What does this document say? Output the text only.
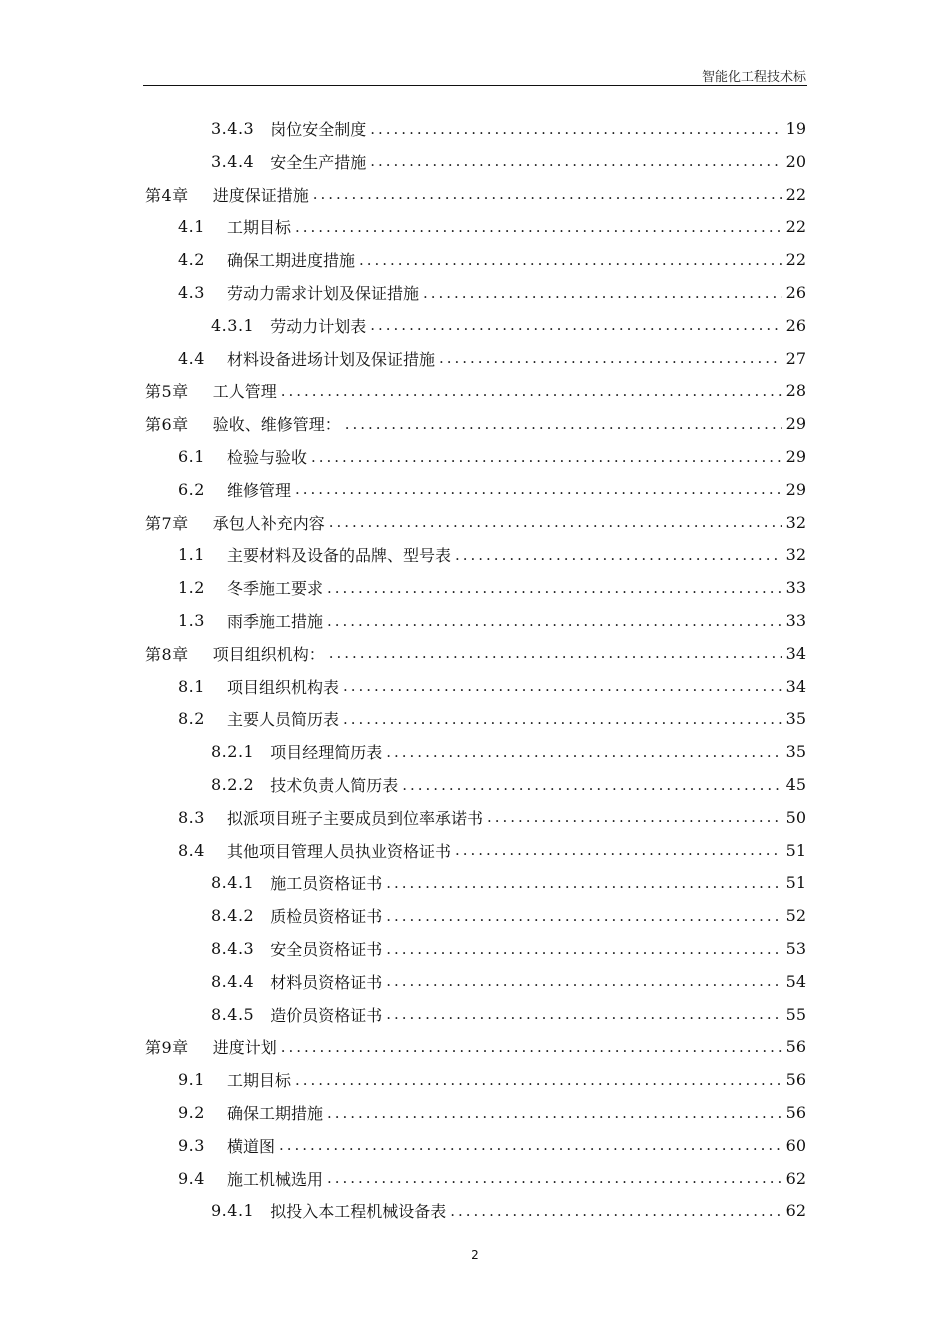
智能化工程技术标
3.4.3 岗位安全制度 .....	19
3.4.4 安全生产措施 .....	20
第4章 进度保证措施 .....	22
4.1 工期目标 .....	22
4.2 确保工期进度措施 .....	22
4.3 劳动力需求计划及保证措施 .....	26
4.3.1 劳动力计划表 .....	26
4.4 材料设备进场计划及保证措施 .....	27
第5章 工人管理 .....	28
第6章 验收、维修管理： .....	29
6.1 检验与验收 .....	29
6.2 维修管理 .....	29
第7章 承包人补充内容 .....	32
1.1 主要材料及设备的品牌、型号表 .....	32
1.2 冬季施工要求 .....	33
1.3 雨季施工措施 .....	33
第8章 项目组织机构： .....	34
8.1 项目组织机构表 .....	34
8.2 主要人员简历表 .....	35
8.2.1 项目经理简历表 .....	35
8.2.2 技术负责人简历表 .....	45
8.3 拟派项目班子主要成员到位率承诺书 .....	50
8.4 其他项目管理人员执业资格证书 .....	51
8.4.1 施工员资格证书 .....	51
8.4.2 质检员资格证书 .....	52
8.4.3 安全员资格证书 .....	53
8.4.4 材料员资格证书 .....	54
8.4.5 造价员资格证书 .....	55
第9章 进度计划 .....	56
9.1 工期目标 .....	56
9.2 确保工期措施 .....	56
9.3 横道图 .....	60
9.4 施工机械选用 .....	62
9.4.1 拟投入本工程机械设备表 .....	62
2
